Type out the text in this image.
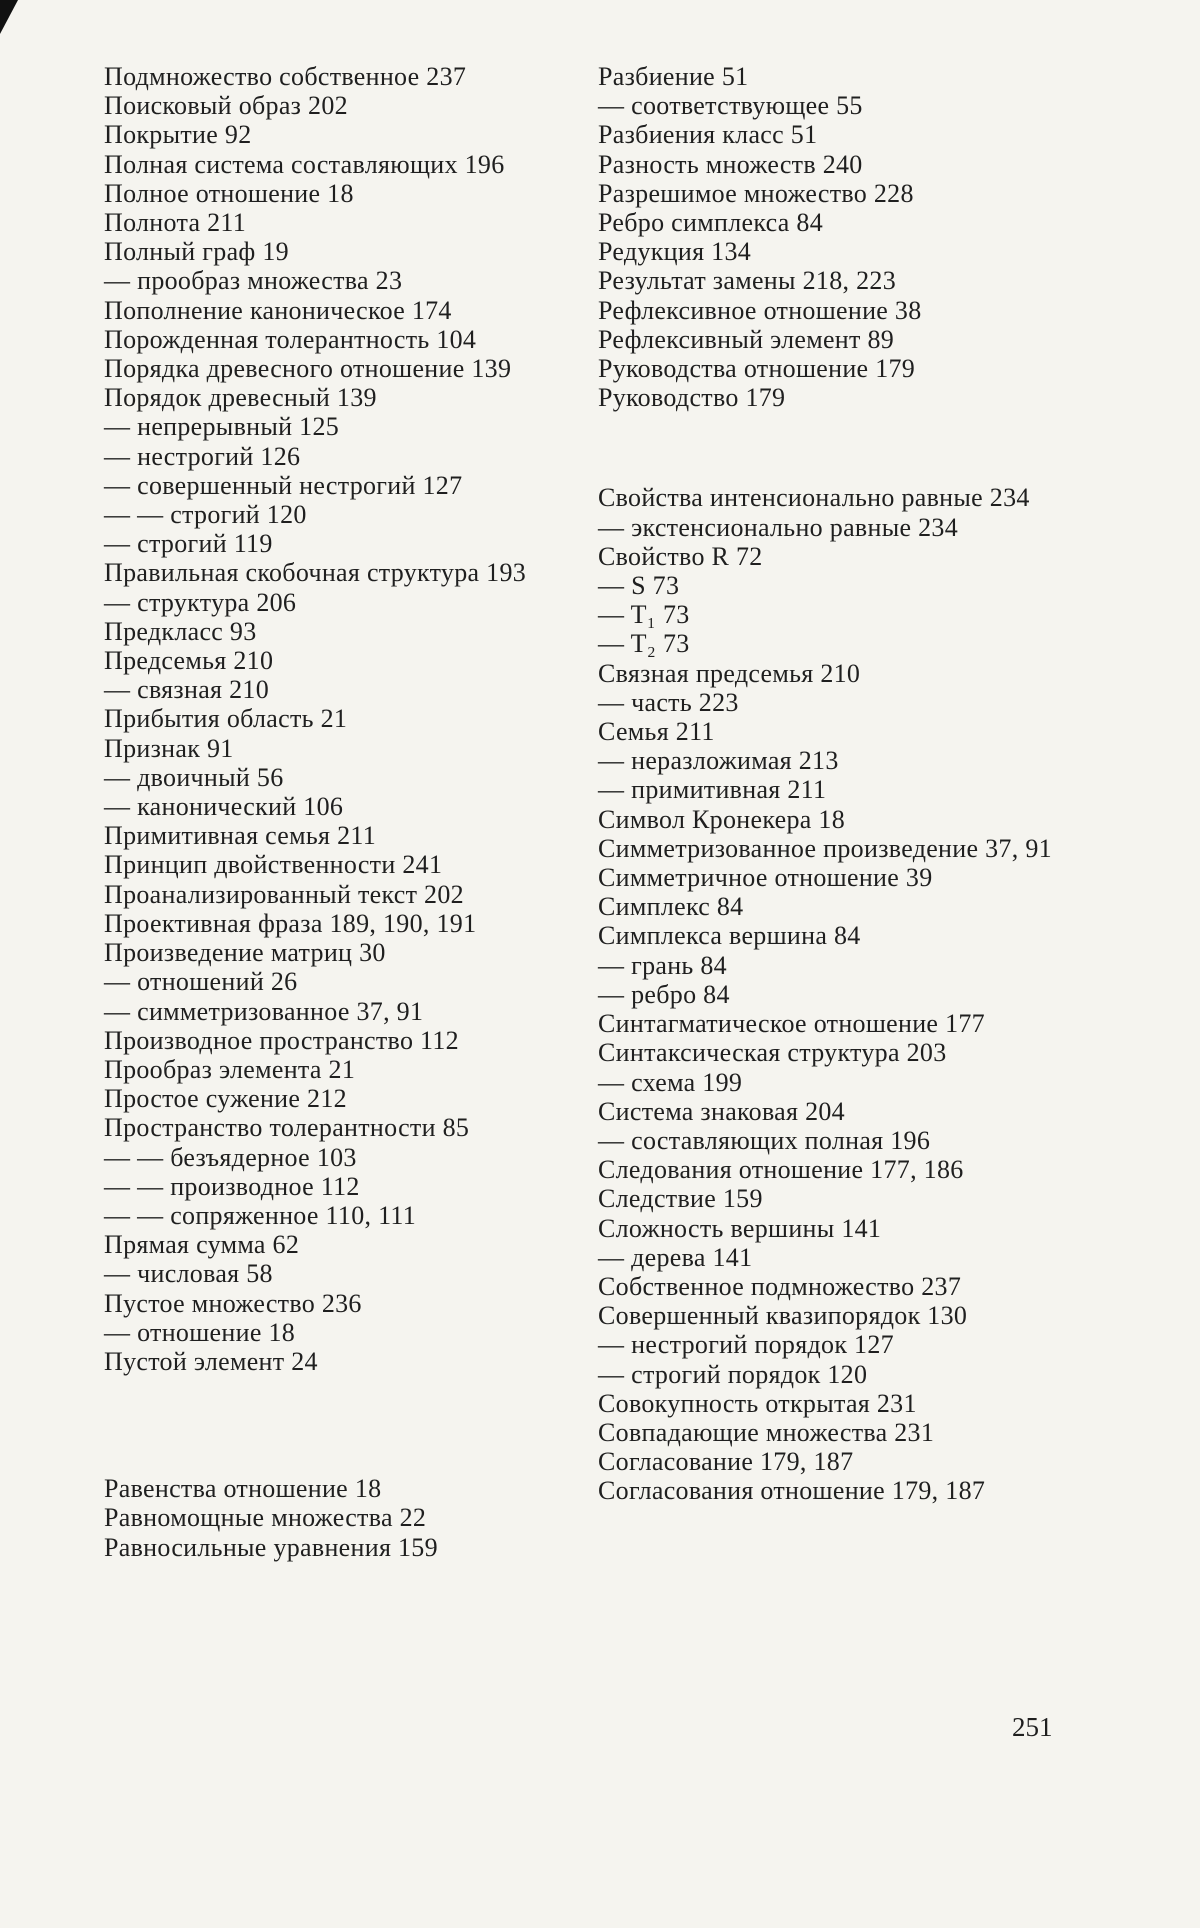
Подмножество собственное 237

Поисковый образ 202

Покрытие 92

Полная система составляющих 196

Полное отношение 18

Полнота 211

Полный граф 19

— прообраз множества 23

Пополнение каноническое 174

Порожденная толерантность 104

Порядка древесного отношение 139

Порядок древесный 139

— непрерывный 125

— нестрогий 126

— совершенный нестрогий 127

— — строгий 120

— строгий 119

Правильная скобочная структура 193

— структура 206

Предкласс 93

Предсемья 210

— связная 210

Прибытия область 21

Признак 91

— двоичный 56

— канонический 106

Примитивная семья 211

Принцип двойственности 241

Проанализированный текст 202

Проективная фраза 189, 190, 191

Произведение матриц 30

— отношений 26

— симметризованное 37, 91

Производное пространство 112

Прообраз элемента 21

Простое сужение 212

Пространство толерантности 85

— — безъядерное 103

— — производное 112

— — сопряженное 110, 111

Прямая сумма 62

— числовая 58

Пустое множество 236

— отношение 18

Пустой элемент 24

Равенства отношение 18

Равномощные множества 22

Равносильные уравнения 159

Разбиение 51

— соответствующее 55

Разбиения класс 51

Разность множеств 240

Разрешимое множество 228

Ребро симплекса 84

Редукция 134

Результат замены 218, 223

Рефлексивное отношение 38

Рефлексивный элемент 89

Руководства отношение 179

Руководство 179

Свойства интенсионально равные 234

— экстенсионально равные 234

Свойство R 72

— S 73

— T₁ 73

— T₂ 73

Связная предсемья 210

— часть 223

Семья 211

— неразложимая 213

— примитивная 211

Символ Кронекера 18

Симметризованное произведение 37, 91

Симметричное отношение 39

Симплекс 84

Симплекса вершина 84

— грань 84

— ребро 84

Синтагматическое отношение 177

Синтаксическая структура 203

— схема 199

Система знаковая 204

— составляющих полная 196

Следования отношение 177, 186

Следствие 159

Сложность вершины 141

— дерева 141

Собственное подмножество 237

Совершенный квазипорядок 130

— нестрогий порядок 127

— строгий порядок 120

Совокупность открытая 231

Совпадающие множества 231

Согласование 179, 187

Согласования отношение 179, 187

251
